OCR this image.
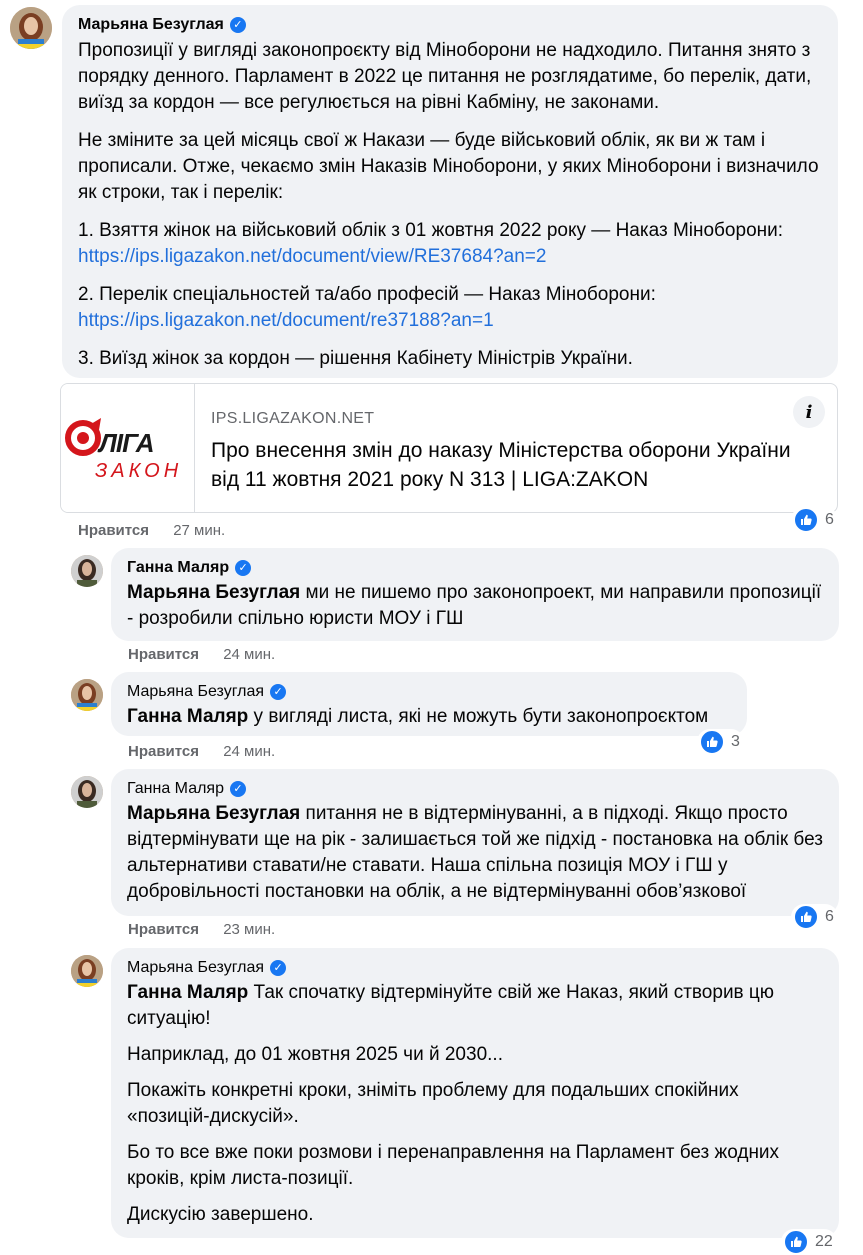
Марьяна Безуглая ✓

Пропозиції у вигляді законопроєкту від Міноборони не надходило. Питання знято з порядку денного. Парламент в 2022 це питання не розглядатиме, бо перелік, дати, виїзд за кордон — все регулюється на рівні Кабміну, не законами.

Не зміните за цей місяць свої ж Накази — буде військовий облік, як ви ж там і прописали. Отже, чекаємо змін Наказів Міноборони, у яких Міноборони і визначило як строки, так і перелік:

1. Взяття жінок на військовий облік з 01 жовтня 2022 року — Наказ Міноборони: https://ips.ligazakon.net/document/view/RE37684?an=2

2. Перелік спеціальностей та/або професій — Наказ Міноборони: https://ips.ligazakon.net/document/re37188?an=1

3. Виїзд жінок за кордон — рішення Кабінету Міністрів України.

ЛІГА
ЗАКОН
IPS.LIGAZAKON.NET
Про внесення змін до наказу Міністерства оборони України від 11 жовтня 2021 року N 313 | LIGA:ZAKON
i
Нравится 27 мин.
6
Ганна Маляр ✓
Марьяна Безуглая ми не пишемо про законопроект, ми направили пропозиції - розробили спільно юристи МОУ і ГШ
Нравится 24 мин.
Марьяна Безуглая ✓
Ганна Маляр у вигляді листа, які не можуть бути законопроєктом
Нравится 24 мин.
3
Ганна Маляр ✓
Марьяна Безуглая питання не в відтермінуванні, а в підході. Якщо просто відтермінувати ще на рік - залишається той же підхід - постановка на облік без альтернативи ставати/не ставати. Наша спільна позиція МОУ і ГШ у добровільності постановки на облік, а не відтермінуванні обов’язкової
Нравится 23 мин.
6
Марьяна Безуглая ✓

Ганна Маляр Так спочатку відтермінуйте свій же Наказ, який створив цю ситуацію!

Наприклад, до 01 жовтня 2025 чи й 2030...

Покажіть конкретні кроки, зніміть проблему для подальших спокійних «позицій-дискусій».

Бо то все вже поки розмови і перенаправлення на Парламент без жодних кроків, крім листа-позиції.

Дискусію завершено.

22
